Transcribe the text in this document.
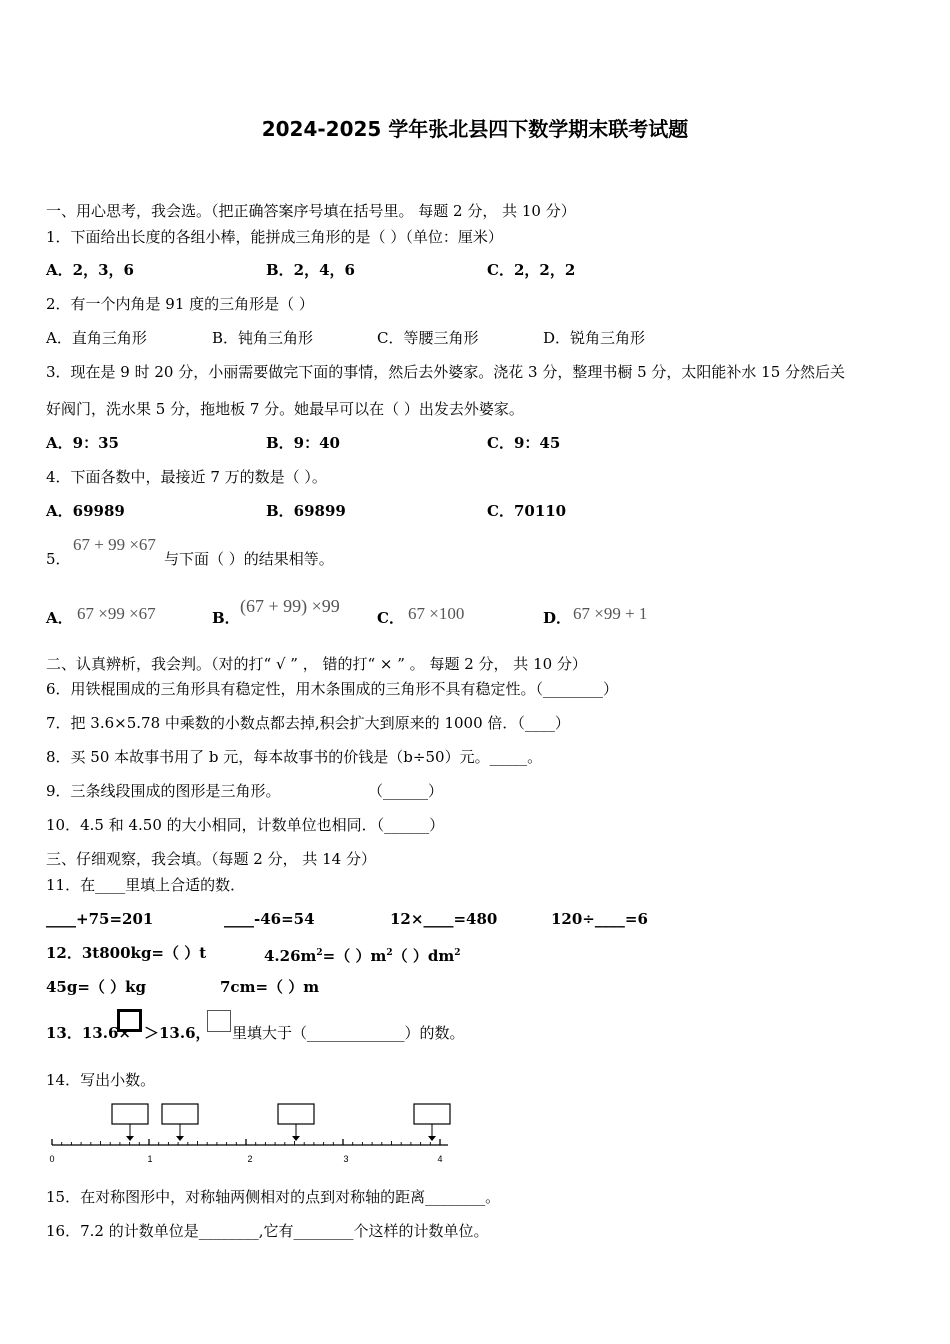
2024-2025 学年张北县四下数学期末联考试题
一、用心思考，我会选。（把正确答案序号填在括号里。 每题 2 分， 共 10 分）
1．下面给出长度的各组小棒，能拼成三角形的是（ ）（单位：厘米）
A．2，3，6	B．2，4，6	C．2，2，2
2．有一个内角是 91 度的三角形是（ ）
A．直角三角形	B．钝角三角形	C．等腰三角形	D．锐角三角形
3．现在是 9 时 20 分，小丽需要做完下面的事情，然后去外婆家。浇花 3 分，整理书橱 5 分，太阳能补水 15 分然后关
好阀门，洗水果 5 分，拖地板 7 分。她最早可以在（ ）出发去外婆家。
A．9：35	B．9：40	C．9：45
4．下面各数中，最接近 7 万的数是（ ）。
A．69989	B．69899	C．70110
5．
67 + 99 ×67
与下面（ ）的结果相等。
A． 67 ×99 ×67	B．
(67 + 99) ×99
C． 67 ×100	D． 67 ×99 + 1
二、认真辨析，我会判。（对的打“ √ ” ， 错的打“ × ” 。 每题 2 分， 共 10 分）
6．用铁棍围成的三角形具有稳定性，用木条围成的三角形不具有稳定性。（________）
7．把 3.6×5.78 中乘数的小数点都去掉,积会扩大到原来的 1000 倍．（____）
8．买 50 本故事书用了 b 元，每本故事书的价钱是（b÷50）元。_____。
9．三条线段围成的图形是三角形。	（______）
10．4.5 和 4.50 的大小相同，计数单位也相同．（______）
三、仔细观察，我会填。（每题 2 分， 共 14 分）
11．在____里填上合适的数．
____+75=201	____-46=54	12×____=480	120÷____=6
12．3t800kg=（ ）t	$4.26m^2=$（ ）$m^2$（ ）$dm^2$
45g=（ ）kg	7cm=（ ）m
13．13.6× ＞13.6， 里填大于（_____________）的数。
14．写出小数。
0	1	2	3	4
15．在对称图形中，对称轴两侧相对的点到对称轴的距离________。
16．7.2 的计数单位是________,它有________个这样的计数单位。
